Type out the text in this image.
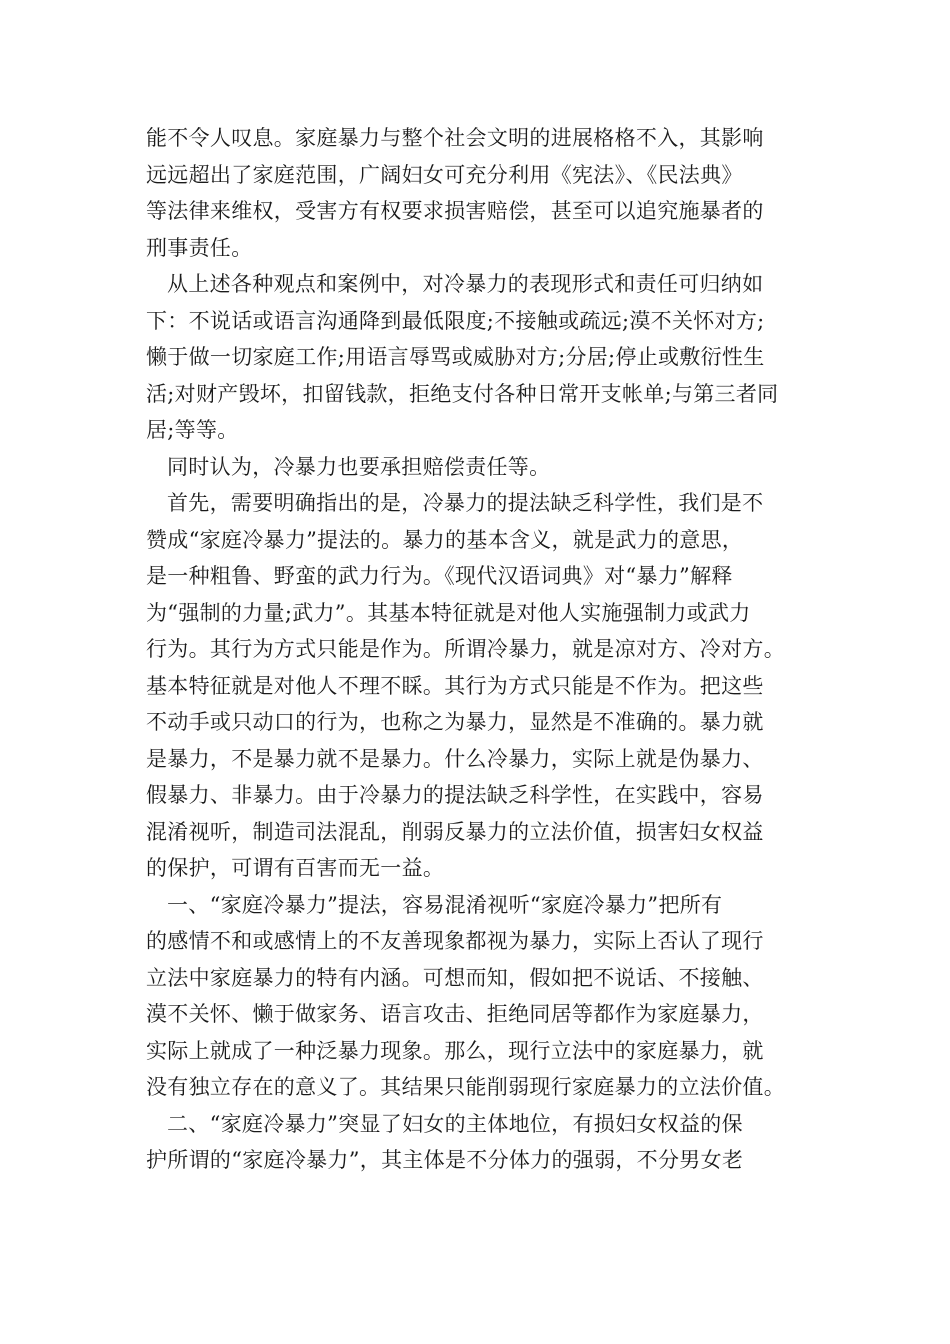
能不令人叹息。家庭暴力与整个社会文明的进展格格不入，其影响
远远超出了家庭范围，广阔妇女可充分利用《宪法》、《民法典》
等法律来维权，受害方有权要求损害赔偿，甚至可以追究施暴者的
刑事责任。
从上述各种观点和案例中，对冷暴力的表现形式和责任可归纳如
下：不说话或语言沟通降到最低限度;不接触或疏远;漠不关怀对方;
懒于做一切家庭工作;用语言辱骂或威胁对方;分居;停止或敷衍性生
活;对财产毁坏，扣留钱款，拒绝支付各种日常开支帐单;与第三者同
居;等等。
同时认为，冷暴力也要承担赔偿责任等。
首先，需要明确指出的是，冷暴力的提法缺乏科学性，我们是不
赞成“家庭冷暴力”提法的。暴力的基本含义，就是武力的意思，
是一种粗鲁、野蛮的武力行为。《现代汉语词典》对“暴力”解释
为“强制的力量;武力”。其基本特征就是对他人实施强制力或武力
行为。其行为方式只能是作为。所谓冷暴力，就是凉对方、冷对方。
基本特征就是对他人不理不睬。其行为方式只能是不作为。把这些
不动手或只动口的行为，也称之为暴力，显然是不准确的。暴力就
是暴力，不是暴力就不是暴力。什么冷暴力，实际上就是伪暴力、
假暴力、非暴力。由于冷暴力的提法缺乏科学性，在实践中，容易
混淆视听，制造司法混乱，削弱反暴力的立法价值，损害妇女权益
的保护，可谓有百害而无一益。
一、“家庭冷暴力”提法，容易混淆视听“家庭冷暴力”把所有
的感情不和或感情上的不友善现象都视为暴力，实际上否认了现行
立法中家庭暴力的特有内涵。可想而知，假如把不说话、不接触、
漠不关怀、懒于做家务、语言攻击、拒绝同居等都作为家庭暴力，
实际上就成了一种泛暴力现象。那么，现行立法中的家庭暴力，就
没有独立存在的意义了。其结果只能削弱现行家庭暴力的立法价值。
二、“家庭冷暴力”突显了妇女的主体地位，有损妇女权益的保
护所谓的“家庭冷暴力”，其主体是不分体力的强弱，不分男女老
